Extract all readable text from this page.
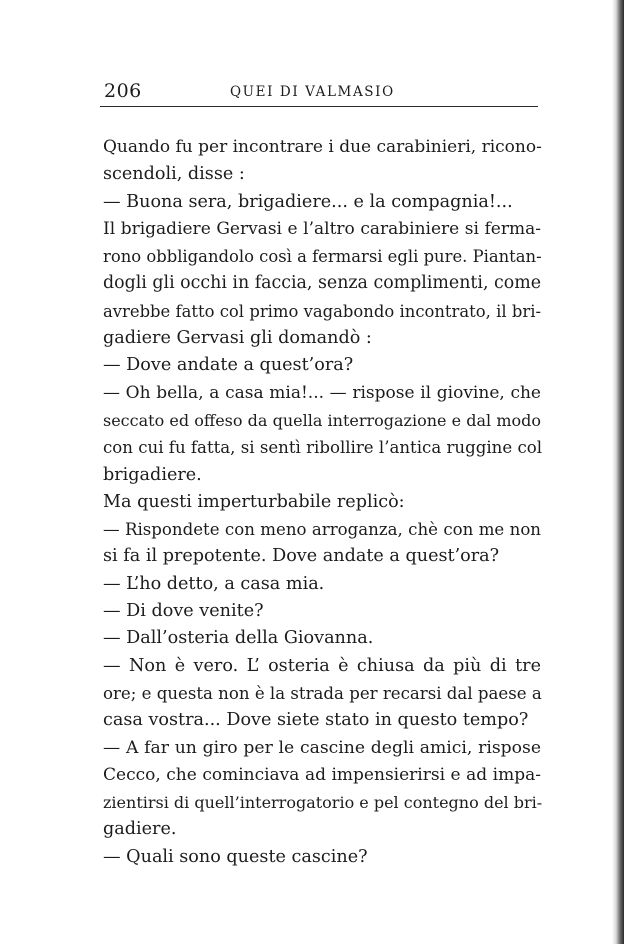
206	QUEI DI VALMASIO
Quando fu per incontrare i due carabinieri, ricono-
scendoli, disse :
— Buona sera, brigadiere... e la compagnia!...
Il brigadiere Gervasi e l’altro carabiniere si ferma-
rono obbligandolo così a fermarsi egli pure. Piantan-
dogli gli occhi in faccia, senza complimenti, come
avrebbe fatto col primo vagabondo incontrato, il bri-
gadiere Gervasi gli domandò :
— Dove andate a quest’ora?
— Oh bella, a casa mia!... — rispose il giovine, che
seccato ed offeso da quella interrogazione e dal modo
con cui fu fatta, si sentì ribollire l’antica ruggine col
brigadiere.
Ma questi imperturbabile replicò:
— Rispondete con meno arroganza, chè con me non
si fa il prepotente. Dove andate a quest’ora?
— L’ho detto, a casa mia.
— Di dove venite?
— Dall’osteria della Giovanna.
— Non è vero. L’ osteria è chiusa da più di tre
ore; e questa non è la strada per recarsi dal paese a
casa vostra... Dove siete stato in questo tempo?
— A far un giro per le cascine degli amici, rispose
Cecco, che cominciava ad impensierirsi e ad impa-
zientirsi di quell’interrogatorio e pel contegno del bri-
gadiere.
— Quali sono queste cascine?
